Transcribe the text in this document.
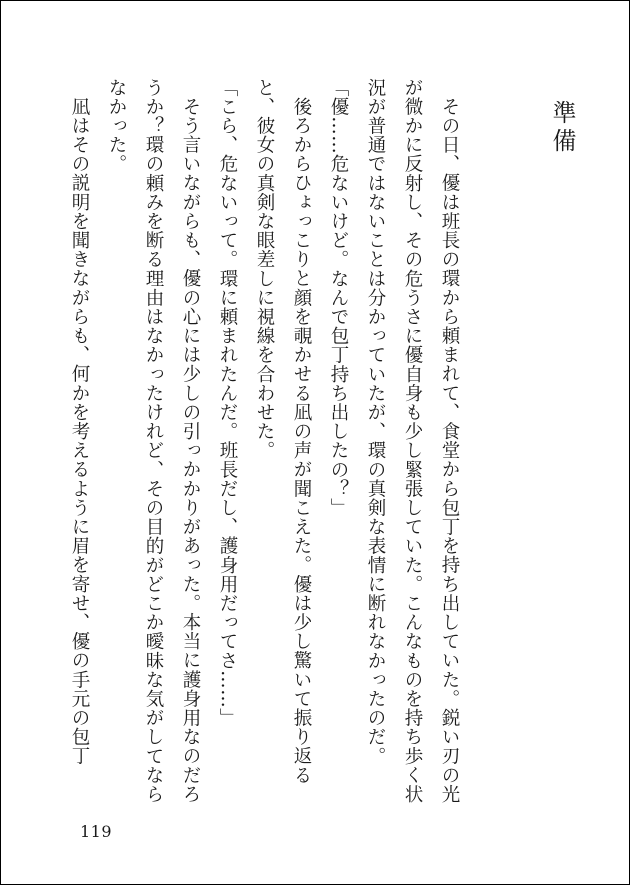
準備

その日、優は班長の環から頼まれて、食堂から包丁を持ち出していた。鋭い刃の光が微かに反射し、その危うさに優自身も少し緊張していた。こんなものを持ち歩く状況が普通ではないことは分かっていたが、環の真剣な表情に断れなかったのだ。

「優……危ないけど。なんで包丁持ち出したの？」

後ろからひょっこりと顔を覗かせる凪の声が聞こえた。優は少し驚いて振り返ると、彼女の真剣な眼差しに視線を合わせた。

「こら、危ないって。環に頼まれたんだ。班長だし、護身用だってさ……」

そう言いながらも、優の心には少しの引っかかりがあった。本当に護身用なのだろうか？環の頼みを断る理由はなかったけれど、その目的がどこか曖昧な気がしてならなかった。

凪はその説明を聞きながらも、何かを考えるように眉を寄せ、優の手元の包丁

119
